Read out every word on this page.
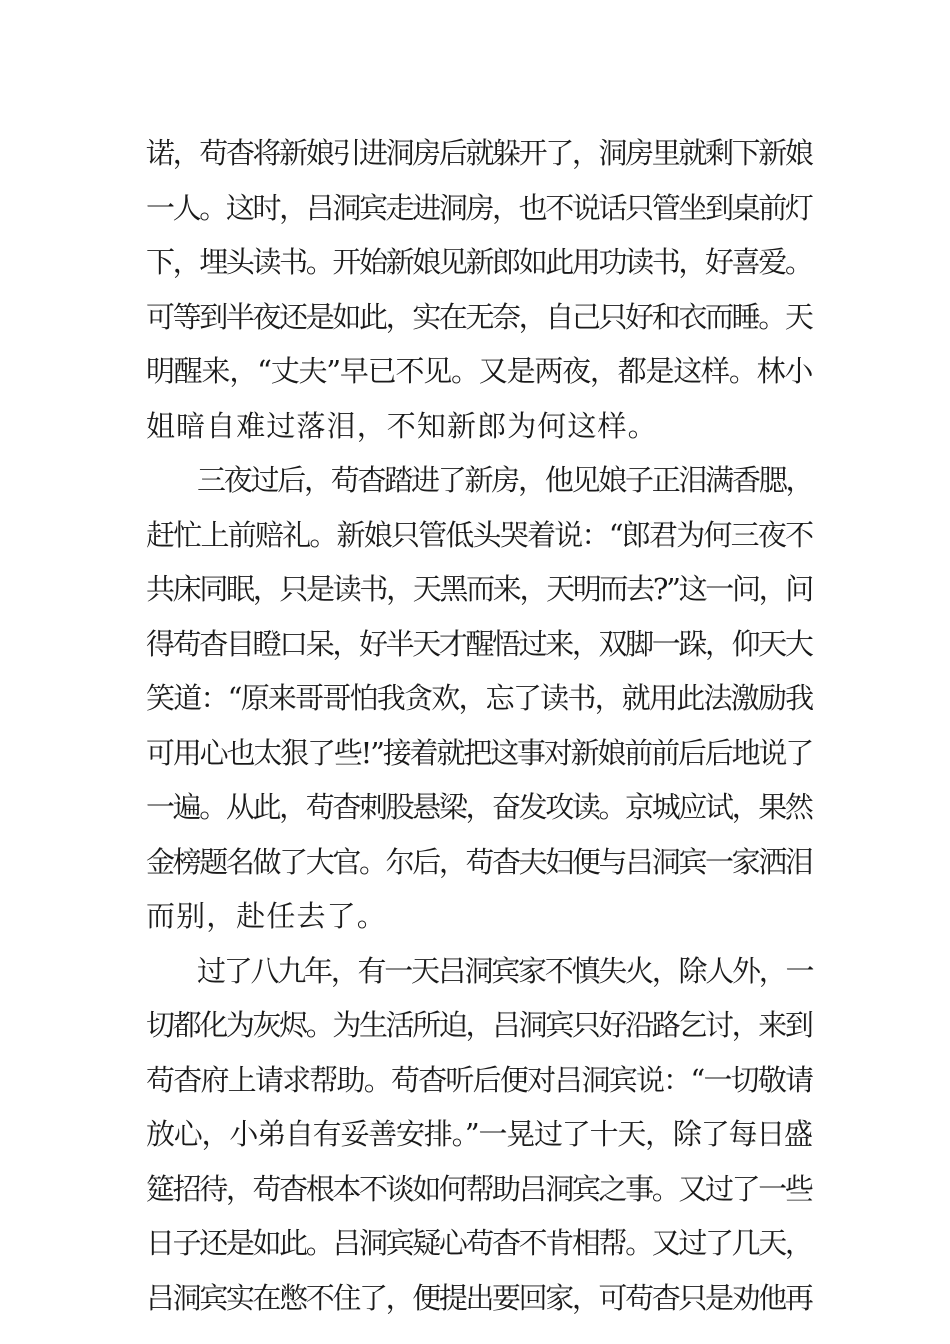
诺，苟杳将新娘引进洞房后就躲开了，洞房里就剩下新娘
一人。这时，吕洞宾走进洞房，也不说话只管坐到桌前灯
下，埋头读书。开始新娘见新郎如此用功读书，好喜爱。
可等到半夜还是如此，实在无奈，自己只好和衣而睡。天
明醒来，“丈夫”早已不见。又是两夜，都是这样。林小
姐暗自难过落泪，不知新郎为何这样。
三夜过后，苟杳踏进了新房，他见娘子正泪满香腮，
赶忙上前赔礼。新娘只管低头哭着说：“郎君为何三夜不
共床同眠，只是读书，天黑而来，天明而去?”这一问，问
得苟杳目瞪口呆，好半天才醒悟过来，双脚一跺，仰天大
笑道：“原来哥哥怕我贪欢，忘了读书，就用此法激励我
可用心也太狠了些!”接着就把这事对新娘前前后后地说了
一遍。从此，苟杳刺股悬梁，奋发攻读。京城应试，果然
金榜题名做了大官。尔后，苟杳夫妇便与吕洞宾一家洒泪
而别，赴任去了。
过了八九年，有一天吕洞宾家不慎失火，除人外，一
切都化为灰烬。为生活所迫，吕洞宾只好沿路乞讨，来到
苟杳府上请求帮助。苟杳听后便对吕洞宾说：“一切敬请
放心，小弟自有妥善安排。”一晃过了十天，除了每日盛
筵招待，苟杳根本不谈如何帮助吕洞宾之事。又过了一些
日子还是如此。吕洞宾疑心苟杳不肯相帮。又过了几天，
吕洞宾实在憋不住了，便提出要回家，可苟杳只是劝他再
